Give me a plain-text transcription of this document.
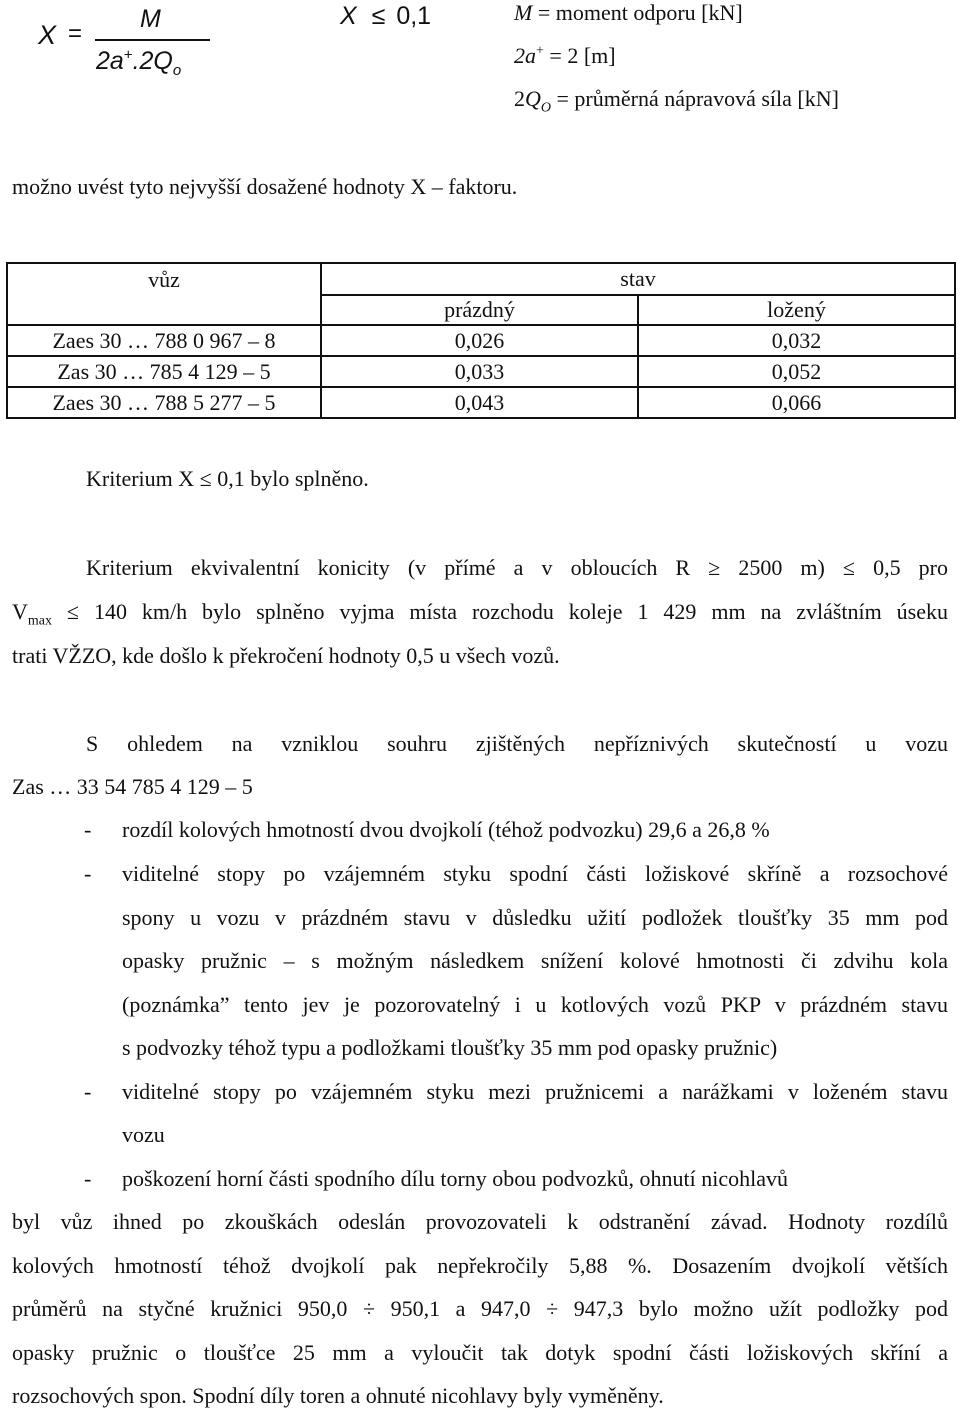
X =
M
$2a^+.2Q_o$
X ≤ 0,1	M = moment odporu [kN]
2a+ = 2 [m]
$2Q_O$ = průměrná nápravová síla [kN]
možno uvést tyto nejvyšší dosažené hodnoty X – faktoru.
vůz	stav	
	prázdný	ložený
Zaes 30 … 788 0 967 – 8	0,026	0,032
Zas 30 … 785 4 129 – 5	0,033	0,052
Zaes 30 … 788 5 277 – 5	0,043	0,066
Kriterium X ≤ 0,1 bylo splněno.
Kriterium ekvivalentní konicity (v přímé a v obloucích R ≥ 2500 m) ≤ 0,5 pro
$V_{max} \le 140$ km/h bylo splněno vyjma místa rozchodu koleje 1 429 mm na zvláštním úseku
trati VŽZO, kde došlo k překročení hodnoty 0,5 u všech vozů.
S ohledem na vzniklou souhru zjištěných nepříznivých skutečností u vozu
Zas … 33 54 785 4 129 – 5
- rozdíl kolových hmotností dvou dvojkolí (téhož podvozku) 29,6 a 26,8 %
- viditelné stopy po vzájemném styku spodní části ložiskové skříně a rozsochové
spony u vozu v prázdném stavu v důsledku užití podložek tloušťky 35 mm pod
opasky pružnic – s možným následkem snížení kolové hmotnosti či zdvihu kola
(poznámka” tento jev je pozorovatelný i u kotlových vozů PKP v prázdném stavu
s podvozky téhož typu a podložkami tloušťky 35 mm pod opasky pružnic)
- viditelné stopy po vzájemném styku mezi pružnicemi a narážkami v loženém stavu
vozu
- poškození horní části spodního dílu torny obou podvozků, ohnutí nicohlavů
byl vůz ihned po zkouškách odeslán provozovateli k odstranění závad. Hodnoty rozdílů
kolových hmotností téhož dvojkolí pak nepřekročily 5,88 %. Dosazením dvojkolí větších
průměrů na styčné kružnici 950,0 ÷ 950,1 a 947,0 ÷ 947,3 bylo možno užít podložky pod
opasky pružnic o tloušťce 25 mm a vyloučit tak dotyk spodní části ložiskových skříní a
rozsochových spon. Spodní díly toren a ohnuté nicohlavy byly vyměněny.
